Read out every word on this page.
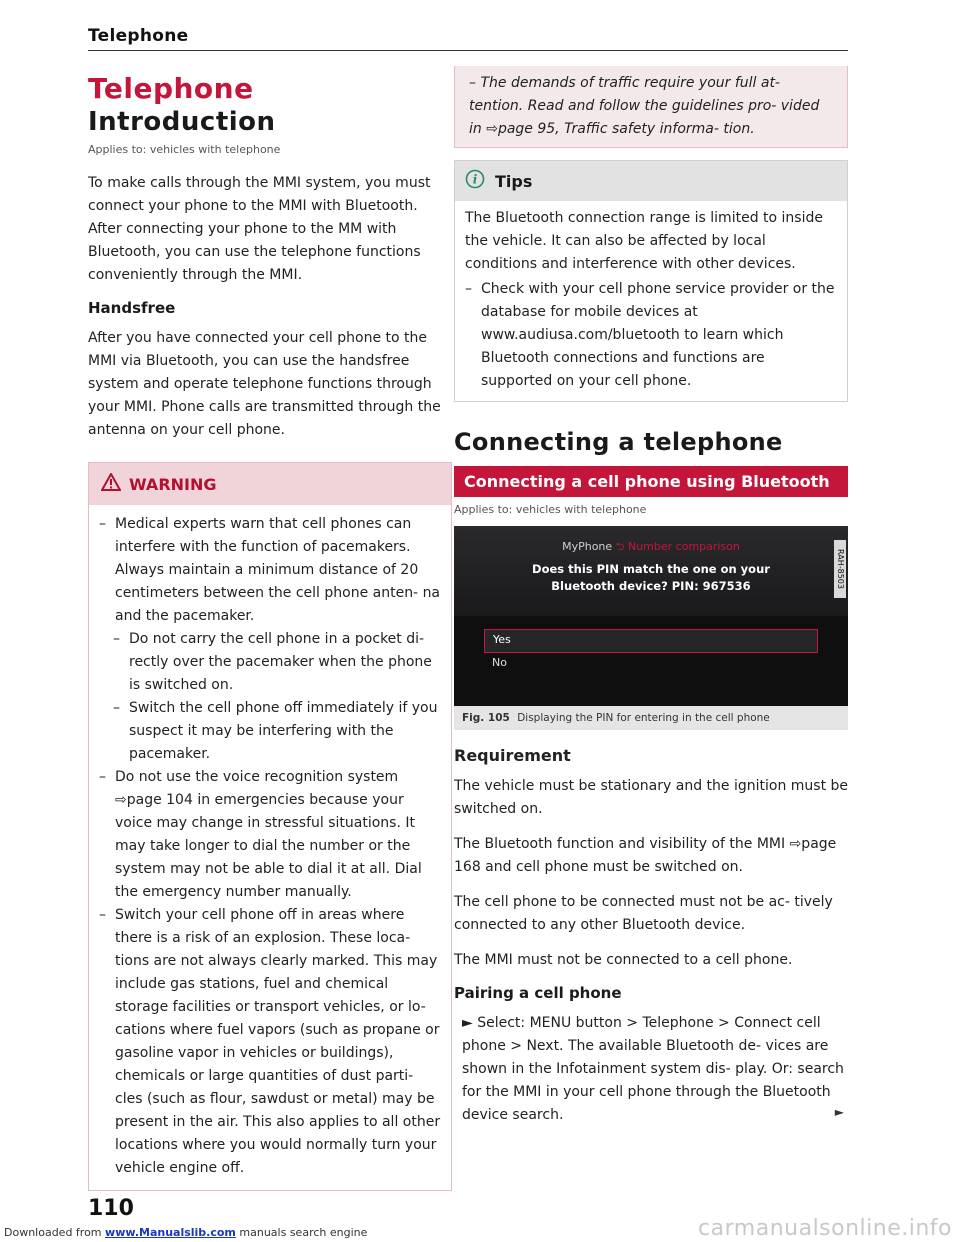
Telephone
Telephone
Introduction
Applies to: vehicles with telephone

To make calls through the MMI system, you must connect your phone to the MMI with Bluetooth. After connecting your phone to the MM with Bluetooth, you can use the telephone functions conveniently through the MMI.

Handsfree

After you have connected your cell phone to the MMI via Bluetooth, you can use the handsfree system and operate telephone functions through your MMI. Phone calls are transmitted through the antenna on your cell phone.

WARNING
– Medical experts warn that cell phones can interfere with the function of pacemakers. Always maintain a minimum distance of 20 centimeters between the cell phone anten- na and the pacemaker.
– Do not carry the cell phone in a pocket di- rectly over the pacemaker when the phone is switched on.
– Switch the cell phone off immediately if you suspect it may be interfering with the pacemaker.
– Do not use the voice recognition system ⇨page 104 in emergencies because your voice may change in stressful situations. It may take longer to dial the number or the system may not be able to dial it at all. Dial the emergency number manually.
– Switch your cell phone off in areas where there is a risk of an explosion. These loca- tions are not always clearly marked. This may include gas stations, fuel and chemical storage facilities or transport vehicles, or lo- cations where fuel vapors (such as propane or gasoline vapor in vehicles or buildings), chemicals or large quantities of dust parti- cles (such as flour, sawdust or metal) may be present in the air. This also applies to all other locations where you would normally turn your vehicle engine off.

– The demands of traffic require your full at- tention. Read and follow the guidelines pro- vided in ⇨page 95, Traffic safety informa- tion.

i Tips

The Bluetooth connection range is limited to inside the vehicle. It can also be affected by local conditions and interference with other devices.

– Check with your cell phone service provider or the database for mobile devices at www.audiusa.com/bluetooth to learn which Bluetooth connections and functions are supported on your cell phone.
Connecting a telephone
Connecting a cell phone using Bluetooth
Applies to: vehicles with telephone
MyPhone ⮌ Number comparison
Does this PIN match the one on your
Bluetooth device? PIN: 967536
Yes
No
RAH-8503
Fig. 105 Displaying the PIN for entering in the cell phone
Requirement

The vehicle must be stationary and the ignition must be switched on.

The Bluetooth function and visibility of the MMI ⇨page 168 and cell phone must be switched on.

The cell phone to be connected must not be ac- tively connected to any other Bluetooth device.

The MMI must not be connected to a cell phone.

Pairing a cell phone

► Select: MENU button > Telephone > Connect cell phone > Next. The available Bluetooth de- vices are shown in the Infotainment system dis- play. Or: search for the MMI in your cell phone through the Bluetooth device search.	►
110
Downloaded from www.Manualslib.com manuals search engine	carmanualsonline.info
